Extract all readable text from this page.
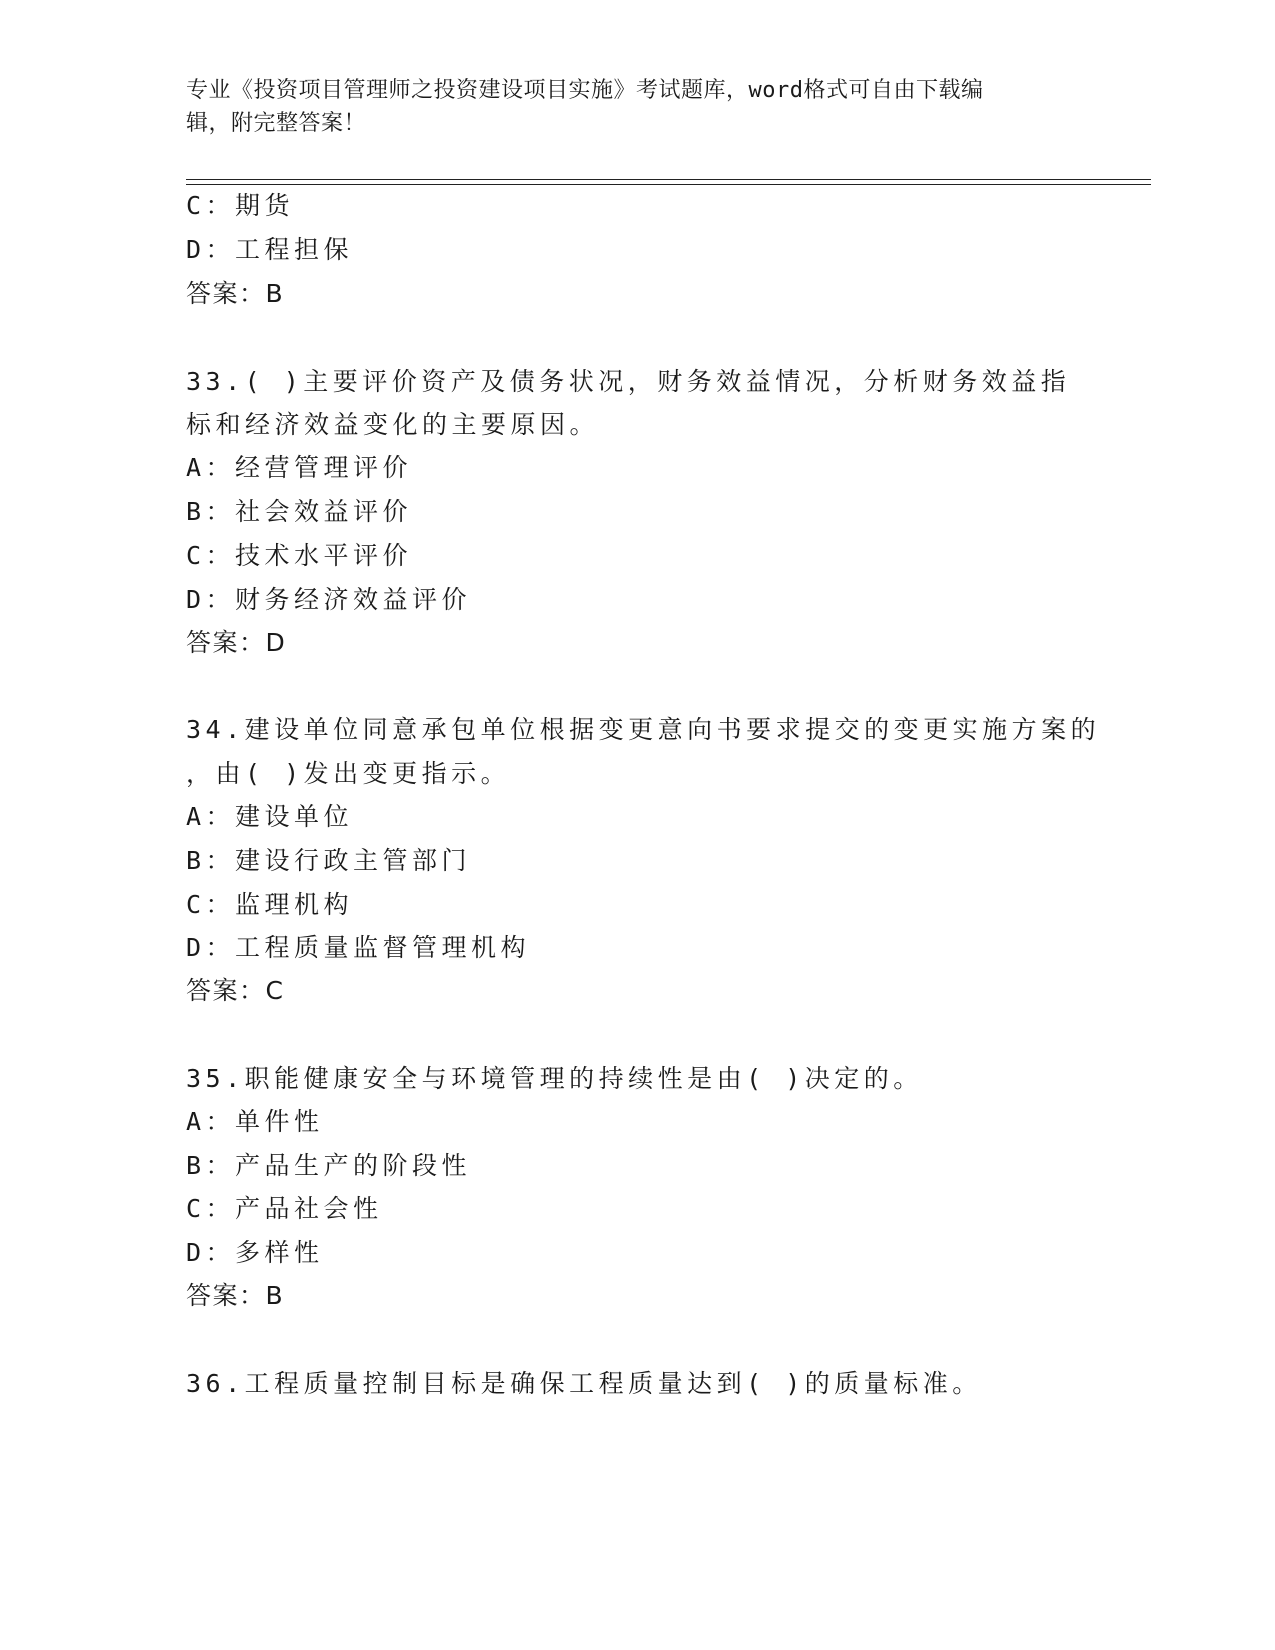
专业《投资项目管理师之投资建设项目实施》考试题库，word格式可自由下载编
辑，附完整答案！
C：期货
D：工程担保
答案：B
33.( )主要评价资产及债务状况，财务效益情况，分析财务效益指
标和经济效益变化的主要原因。
A：经营管理评价
B：社会效益评价
C：技术水平评价
D：财务经济效益评价
答案：D
34.建设单位同意承包单位根据变更意向书要求提交的变更实施方案的
，由( )发出变更指示。
A：建设单位
B：建设行政主管部门
C：监理机构
D：工程质量监督管理机构
答案：C
35.职能健康安全与环境管理的持续性是由( )决定的。
A：单件性
B：产品生产的阶段性
C：产品社会性
D：多样性
答案：B
36.工程质量控制目标是确保工程质量达到( )的质量标准。
